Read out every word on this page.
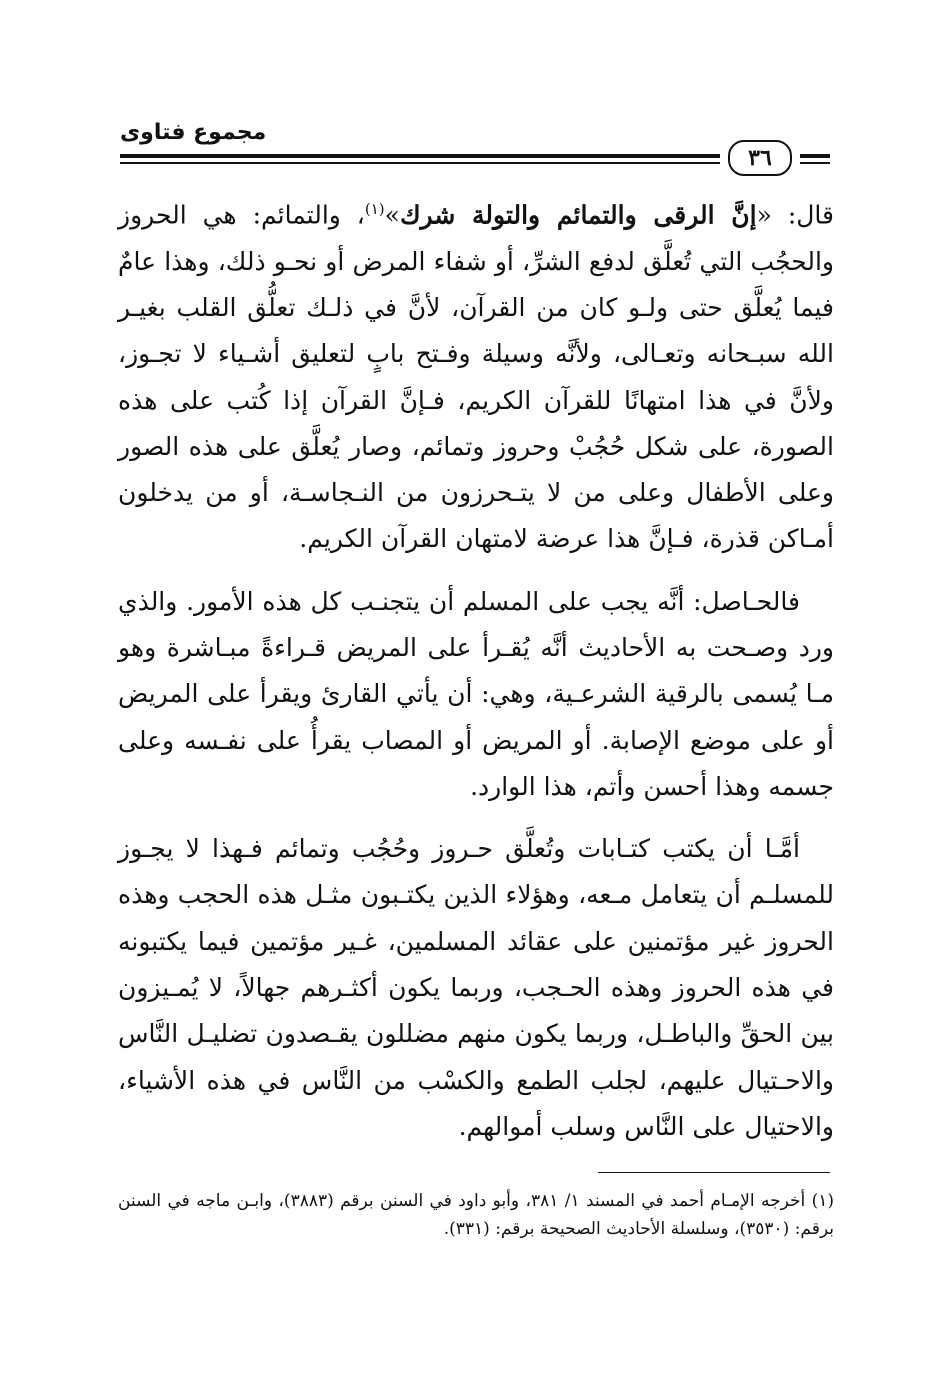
مجموع فتاوى
٣٦

قال: «إنَّ الرقى والتمائم والتولة شرك»$^{(١)}$، والتمائم: هي الحروز والحجُب التي تُعلَّق لدفع الشرِّ، أو شفاء المرض أو نحـو ذلك، وهذا عامٌ فيما يُعلَّق حتى ولـو كان من القرآن، لأنَّ في ذلـك تعلُّق القلب بغيـر الله سبـحانه وتعـالى، ولأنَّه وسيلة وفـتح بابٍ لتعليق أشـياء لا تجـوز، ولأنَّ في هذا امتهانًا للقرآن الكريم، فـإنَّ القرآن إذا كُتب على هذه الصورة، على شكل حُجُبْ وحروز وتمائم، وصار يُعلَّق على هذه الصور وعلى الأطفال وعلى من لا يتـحرزون من النـجاسـة، أو من يدخلون أمـاكن قذرة، فـإنَّ هذا عرضة لامتهان القرآن الكريم.

فالحـاصل: أنَّه يجب على المسلم أن يتجنـب كل هذه الأمور. والذي ورد وصـحت به الأحاديث أنَّه يُقـرأ على المريض قـراءةً مبـاشرة وهو مـا يُسمى بالرقية الشرعـية، وهي: أن يأتي القارئ ويقرأ على المريض أو على موضع الإصابة. أو المريض أو المصاب يقرأُ على نفـسه وعلى جسمه وهذا أحسن وأتم، هذا الوارد.

أمَّـا أن يكتب كتـابات وتُعلَّق حـروز وحُجُب وتمائم فـهذا لا يجـوز للمسلـم أن يتعامل مـعه، وهؤلاء الذين يكتـبون مثـل هذه الحجب وهذه الحروز غير مؤتمنين على عقائد المسلمين، غـير مؤتمين فيما يكتبونه في هذه الحروز وهذه الحـجب، وربما يكون أكثـرهم جهالاً، لا يُمـيزون بين الحقِّ والباطـل، وربما يكون منهم مضللون يقـصدون تضليـل النَّاس والاحـتيال عليهم، لجلب الطمع والكسْب من النَّاس في هذه الأشياء، والاحتيال على النَّاس وسلب أموالهم.

(١) أخرجه الإمـام أحمد في المسند ١/ ٣٨١، وأبو داود في السنن برقم (٣٨٨٣)، وابـن ماجه في السنن برقم: (٣٥٣٠)، وسلسلة الأحاديث الصحيحة برقم: (٣٣١).
